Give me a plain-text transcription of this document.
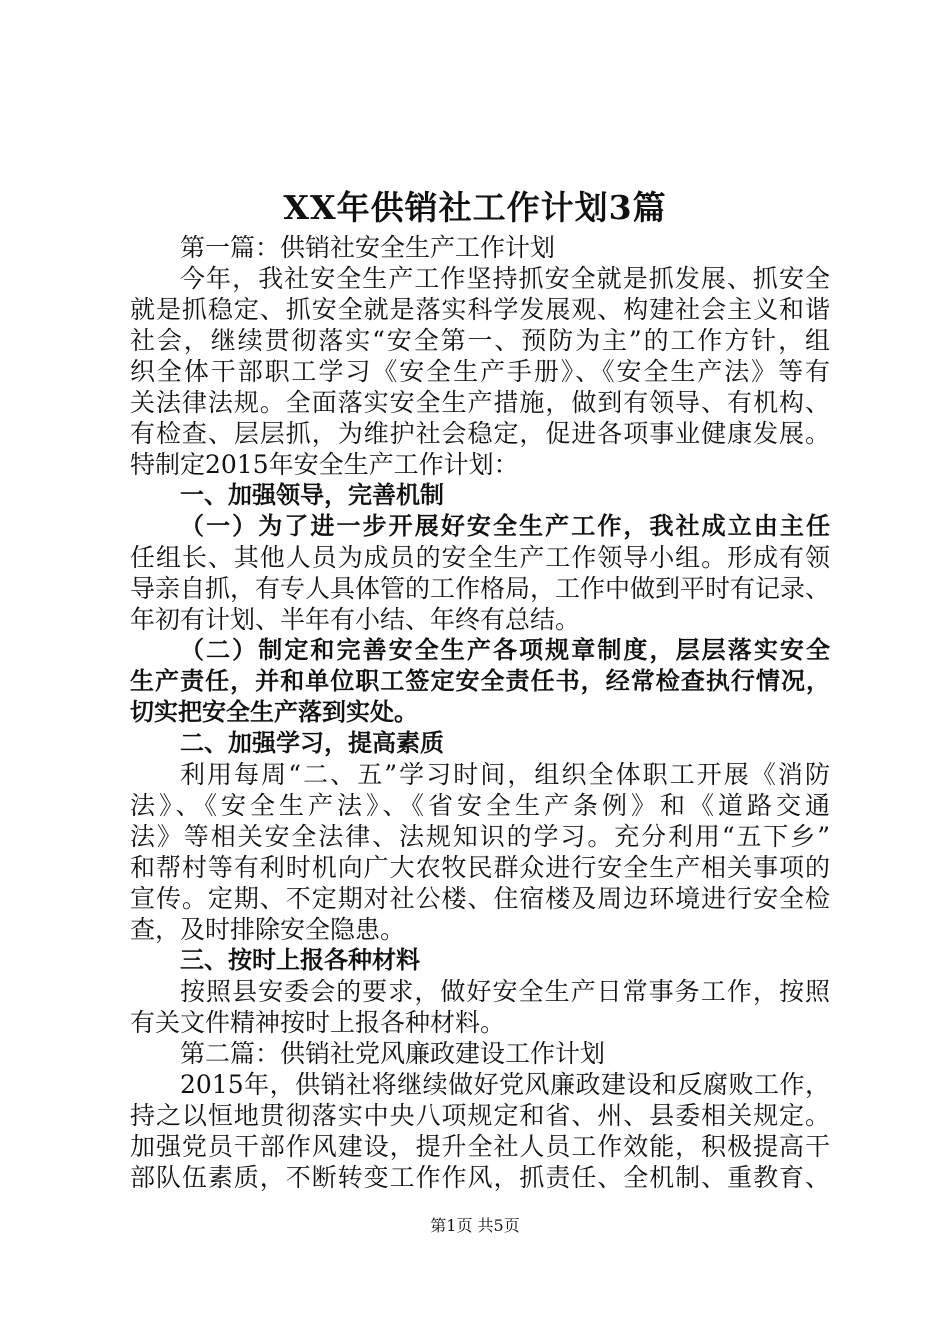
XX年供销社工作计划3篇
第一篇：供销社安全生产工作计划
今年，我社安全生产工作坚持抓安全就是抓发展、抓安全
就是抓稳定、抓安全就是落实科学发展观、构建社会主义和谐
社会，继续贯彻落实“安全第一、预防为主”的工作方针，组
织全体干部职工学习《安全生产手册》、《安全生产法》等有
关法律法规。全面落实安全生产措施，做到有领导、有机构、
有检查、层层抓，为维护社会稳定，促进各项事业健康发展。
特制定2015年安全生产工作计划：
一、加强领导，完善机制
（一）为了进一步开展好安全生产工作，我社成立由主任
任组长、其他人员为成员的安全生产工作领导小组。形成有领
导亲自抓，有专人具体管的工作格局，工作中做到平时有记录、
年初有计划、半年有小结、年终有总结。
（二）制定和完善安全生产各项规章制度，层层落实安全
生产责任，并和单位职工签定安全责任书，经常检查执行情况，
切实把安全生产落到实处。
二、加强学习，提高素质
利用每周“二、五”学习时间，组织全体职工开展《消防
法》、《安全生产法》、《省安全生产条例》和《道路交通
法》等相关安全法律、法规知识的学习。充分利用“五下乡”
和帮村等有利时机向广大农牧民群众进行安全生产相关事项的
宣传。定期、不定期对社公楼、住宿楼及周边环境进行安全检
查，及时排除安全隐患。
三、按时上报各种材料
按照县安委会的要求，做好安全生产日常事务工作，按照
有关文件精神按时上报各种材料。
第二篇：供销社党风廉政建设工作计划
2015年，供销社将继续做好党风廉政建设和反腐败工作，
持之以恒地贯彻落实中央八项规定和省、州、县委相关规定。
加强党员干部作风建设，提升全社人员工作效能，积极提高干
部队伍素质，不断转变工作作风，抓责任、全机制、重教育、
第1页 共5页
